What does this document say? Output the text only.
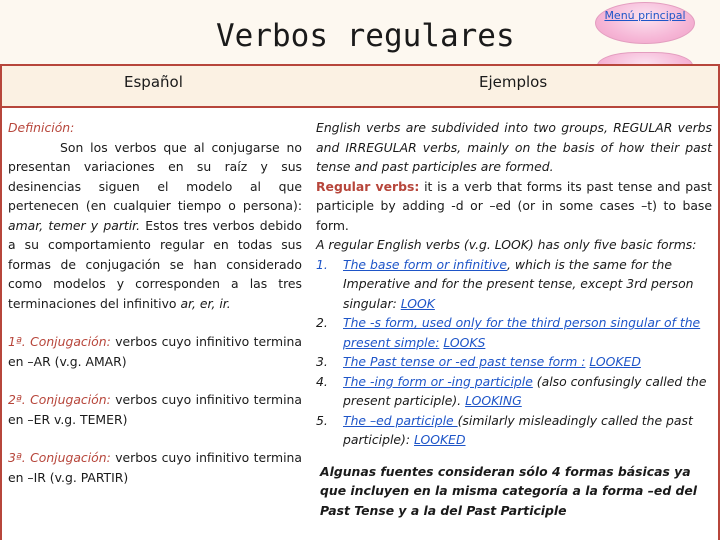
Verbos regulares
Menú principal
Español	Ejemplos
Definición:
Son los verbos que al conjugarse no presentan variaciones en su raíz y sus desinencias siguen el modelo al que pertenecen (en cualquier tiempo o persona): amar, temer y partir. Estos tres verbos debido a su comportamiento regular en todas sus formas de conjugación se han considerado como modelos y corresponden a las tres terminaciones del infinitivo ar, er, ir.
1ª. Conjugación: verbos cuyo infinitivo termina en –AR (v.g. AMAR)
2ª. Conjugación: verbos cuyo infinitivo termina en –ER v.g. TEMER)
3ª. Conjugación: verbos cuyo infinitivo termina en –IR (v.g. PARTIR)
English verbs are subdivided into two groups, REGULAR verbs and IRREGULAR verbs, mainly on the basis of how their past tense and past participles are formed.
Regular verbs: it is a verb that forms its past tense and past participle by adding -d or –ed (or in some cases –t) to base form.
A regular English verbs (v.g. LOOK) has only five basic forms:
1.	The base form or infinitive, which is the same for the Imperative and for the present tense, except 3rd person singular: LOOK
2.	The -s form, used only for the third person singular of the present simple: LOOKS
3.	The Past tense or -ed past tense form : LOOKED
4.	The -ing form or -ing participle (also confusingly called the present participle). LOOKING
5.	The –ed participle (similarly misleadingly called the past participle): LOOKED
Algunas fuentes consideran sólo 4 formas básicas ya que incluyen en la misma categoría a la forma –ed del Past Tense y a la del Past Participle
